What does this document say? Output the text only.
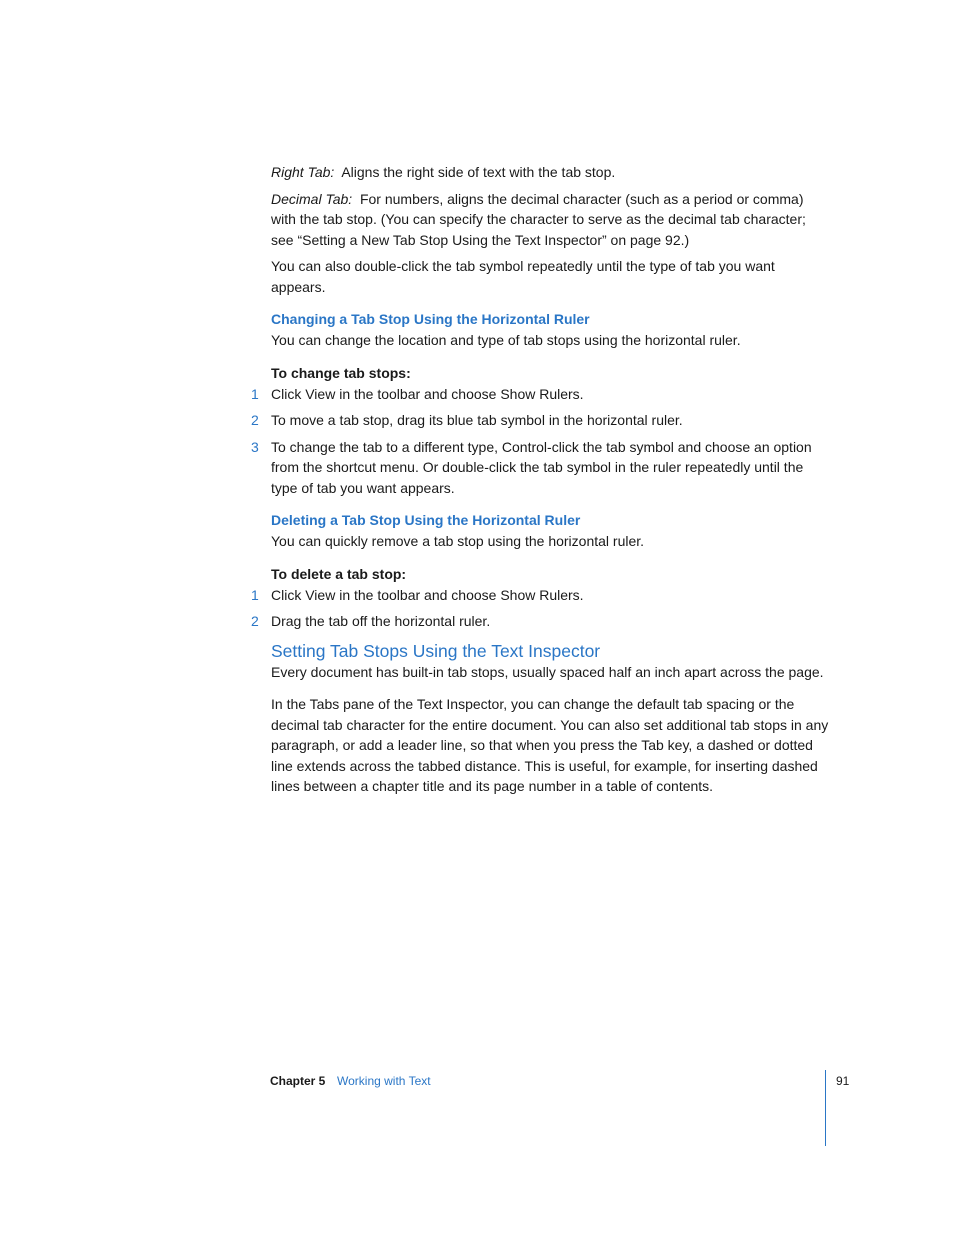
Right Tab: Aligns the right side of text with the tab stop.

Decimal Tab: For numbers, aligns the decimal character (such as a period or comma) with the tab stop. (You can specify the character to serve as the decimal tab character; see “Setting a New Tab Stop Using the Text Inspector” on page 92.)

You can also double-click the tab symbol repeatedly until the type of tab you want appears.

Changing a Tab Stop Using the Horizontal Ruler

You can change the location and type of tab stops using the horizontal ruler.

To change tab stops:

1 Click View in the toolbar and choose Show Rulers.
2 To move a tab stop, drag its blue tab symbol in the horizontal ruler.
3 To change the tab to a different type, Control-click the tab symbol and choose an option from the shortcut menu. Or double-click the tab symbol in the ruler repeatedly until the type of tab you want appears.

Deleting a Tab Stop Using the Horizontal Ruler

You can quickly remove a tab stop using the horizontal ruler.

To delete a tab stop:

1 Click View in the toolbar and choose Show Rulers.
2 Drag the tab off the horizontal ruler.

Setting Tab Stops Using the Text Inspector

Every document has built-in tab stops, usually spaced half an inch apart across the page.

In the Tabs pane of the Text Inspector, you can change the default tab spacing or the decimal tab character for the entire document. You can also set additional tab stops in any paragraph, or add a leader line, so that when you press the Tab key, a dashed or dotted line extends across the tabbed distance. This is useful, for example, for inserting dashed lines between a chapter title and its page number in a table of contents.

Chapter 5 Working with Text	91
